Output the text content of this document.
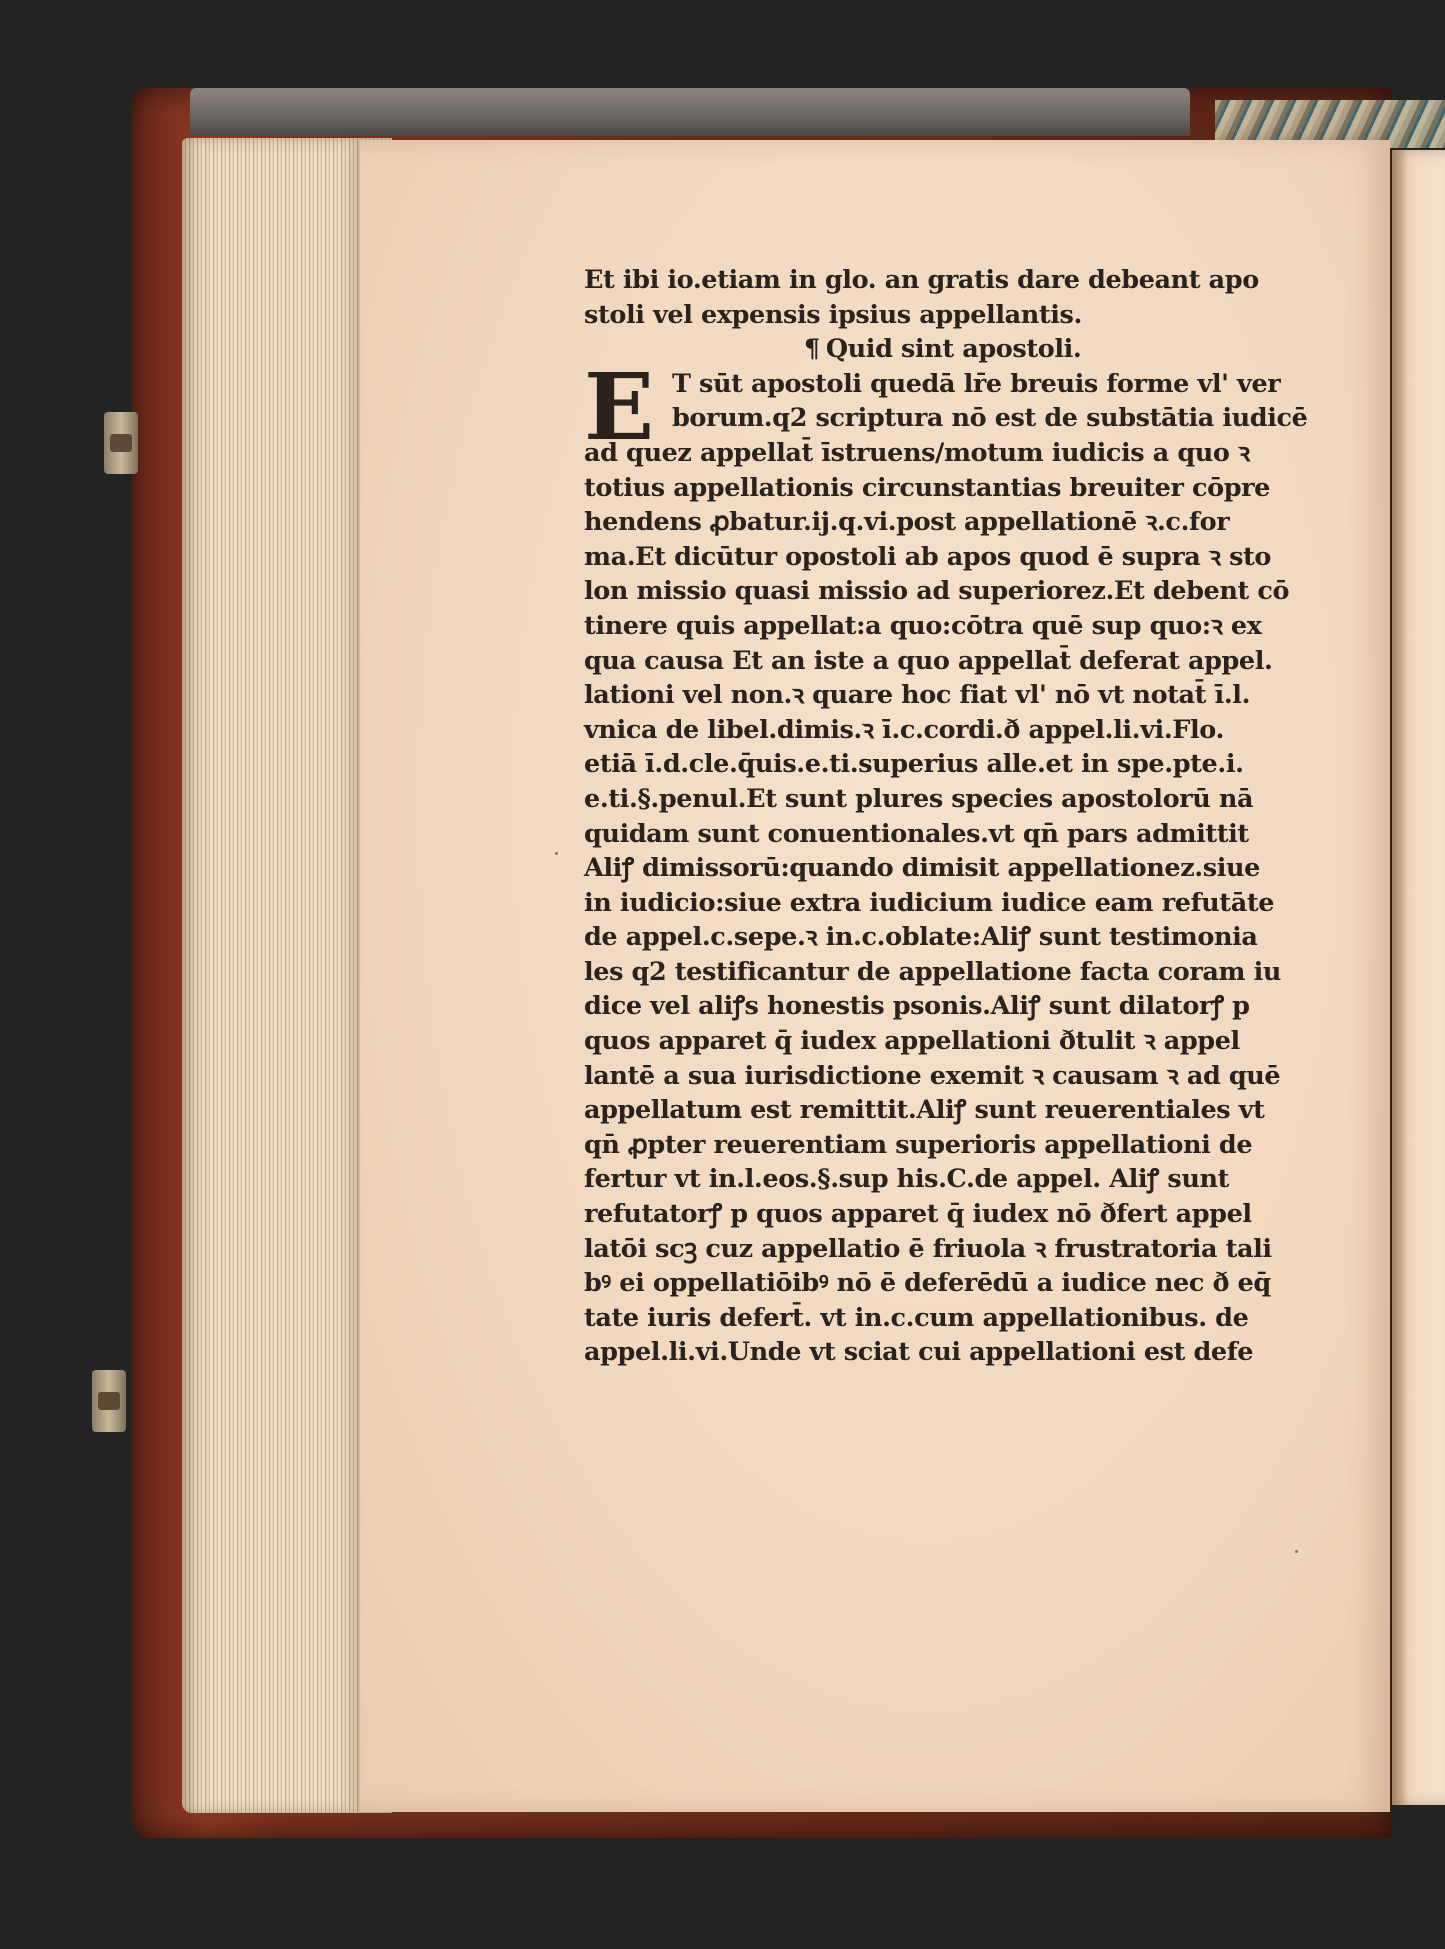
Et ibi io.etiam in glo. an gratis dare debeant apo
stoli vel expensis ipsius appellantis.
¶ Quid sint apostoli.
E T sūt apostoli quedā lr̄e breuis forme vl' ver
borum.q2 scriptura nō est de substātia iudicē
ad quez appellat̄ īstruens/motum iudicis a quo ꝛ
totius appellationis circunstantias breuiter cōpre
hendens ꝓbatur.ij.q.vi.post appellationē ꝛ.c.for
ma.Et dicūtur opostoli ab apos quod ē supra ꝛ sto
lon missio quasi missio ad superiorez.Et debent cō
tinere quis appellat:a quo:cōtra quē sup quo:ꝛ ex
qua causa Et an iste a quo appellat̄ deferat appel.
lationi vel non.ꝛ quare hoc fiat vl' nō vt notat̄ ī.l.
vnica de libel.dimis.ꝛ ī.c.cordi.ð appel.li.vi.Flo.
etiā ī.d.cle.q̄uis.e.ti.superius alle.et in spe.pte.i.
e.ti.§.penul.Et sunt plures species apostolorū nā
quidam sunt conuentionales.vt qn̄ pars admittit
Aliꝭ dimissorū:quando dimisit appellationez.siue
in iudicio:siue extra iudicium iudice eam refutāte
de appel.c.sepe.ꝛ in.c.oblate:Aliꝭ sunt testimonia
les q2 testificantur de appellatione facta coram iu
dice vel aliꝭs honestis psonis.Aliꝭ sunt dilatorꝭ p
quos apparet q̄ iudex appellationi ðtulit ꝛ appel
lantē a sua iurisdictione exemit ꝛ causam ꝛ ad quē
appellatum est remittit.Aliꝭ sunt reuerentiales vt
qn̄ ꝓpter reuerentiam superioris appellationi de
fertur vt in.l.eos.§.sup his.C.de appel. Aliꝭ sunt
refutatorꝭ p quos apparet q̄ iudex nō ðfert appel
latōi scꝫ cuz appellatio ē friuola ꝛ frustratoria tali
bꝰ ei oppellatiōibꝰ nō ē deferēdū a iudice nec ð eq̄
tate iuris defert̄. vt in.c.cum appellationibus. de
appel.li.vi.Unde vt sciat cui appellationi est defe
